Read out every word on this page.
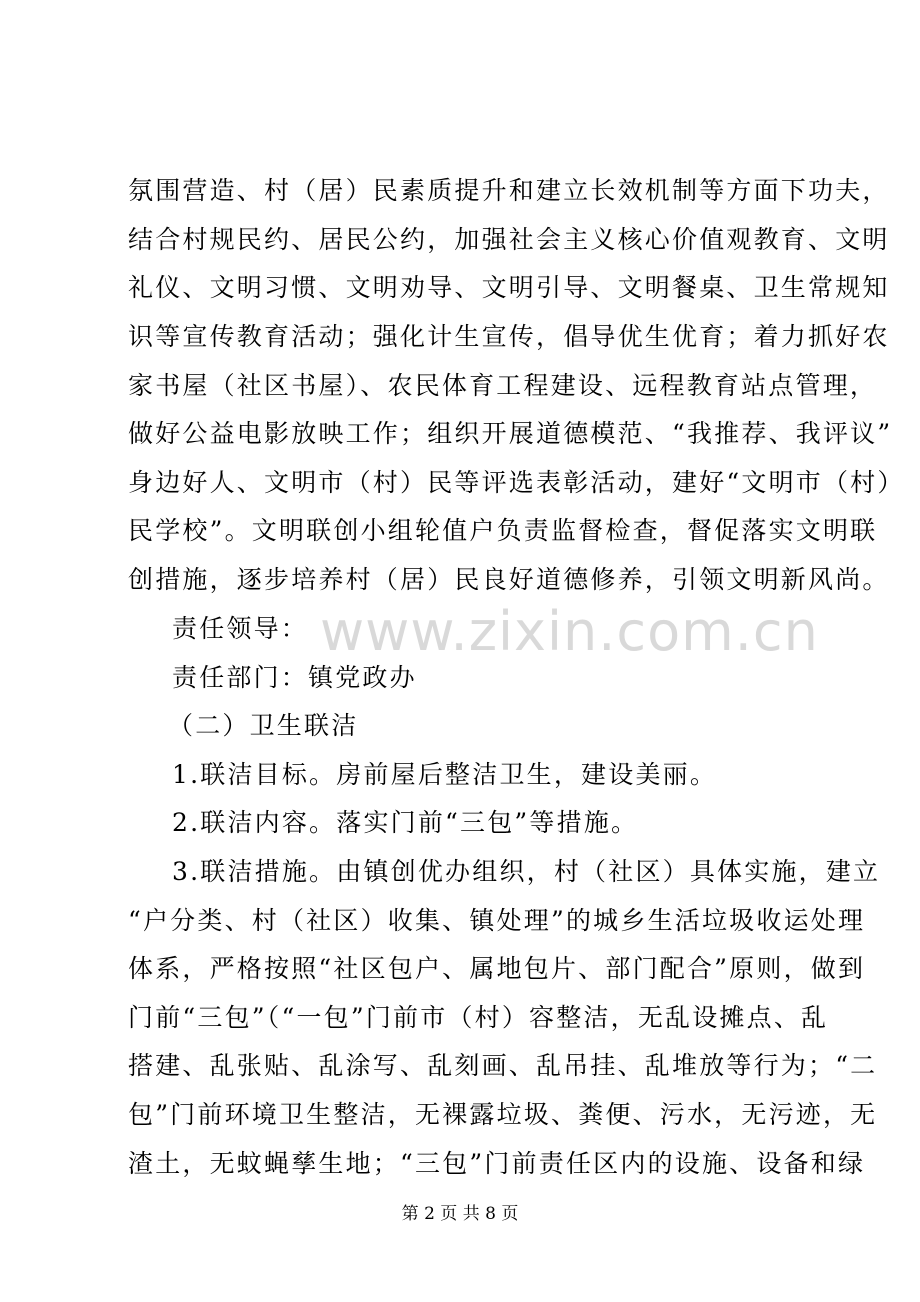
氛围营造、村（居）民素质提升和建立长效机制等方面下功夫，
结合村规民约、居民公约，加强社会主义核心价值观教育、文明
礼仪、文明习惯、文明劝导、文明引导、文明餐桌、卫生常规知
识等宣传教育活动；强化计生宣传，倡导优生优育；着力抓好农
家书屋（社区书屋）、农民体育工程建设、远程教育站点管理，
做好公益电影放映工作；组织开展道德模范、“我推荐、我评议”
身边好人、文明市（村）民等评选表彰活动，建好“文明市（村）
民学校”。文明联创小组轮值户负责监督检查，督促落实文明联
创措施，逐步培养村（居）民良好道德修养，引领文明新风尚。
责任领导：
责任部门：镇党政办
（二）卫生联洁
1.联洁目标。房前屋后整洁卫生，建设美丽。
2.联洁内容。落实门前“三包”等措施。
3.联洁措施。由镇创优办组织，村（社区）具体实施，建立
“户分类、村（社区）收集、镇处理”的城乡生活垃圾收运处理
体系，严格按照“社区包户、属地包片、部门配合”原则，做到
门前“三包”（“一包”门前市（村）容整洁，无乱设摊点、乱
搭建、乱张贴、乱涂写、乱刻画、乱吊挂、乱堆放等行为；“二
包”门前环境卫生整洁，无裸露垃圾、粪便、污水，无污迹，无
渣土，无蚊蝇孳生地；“三包”门前责任区内的设施、设备和绿
www.zixin.com.cn
第 2 页 共 8 页
